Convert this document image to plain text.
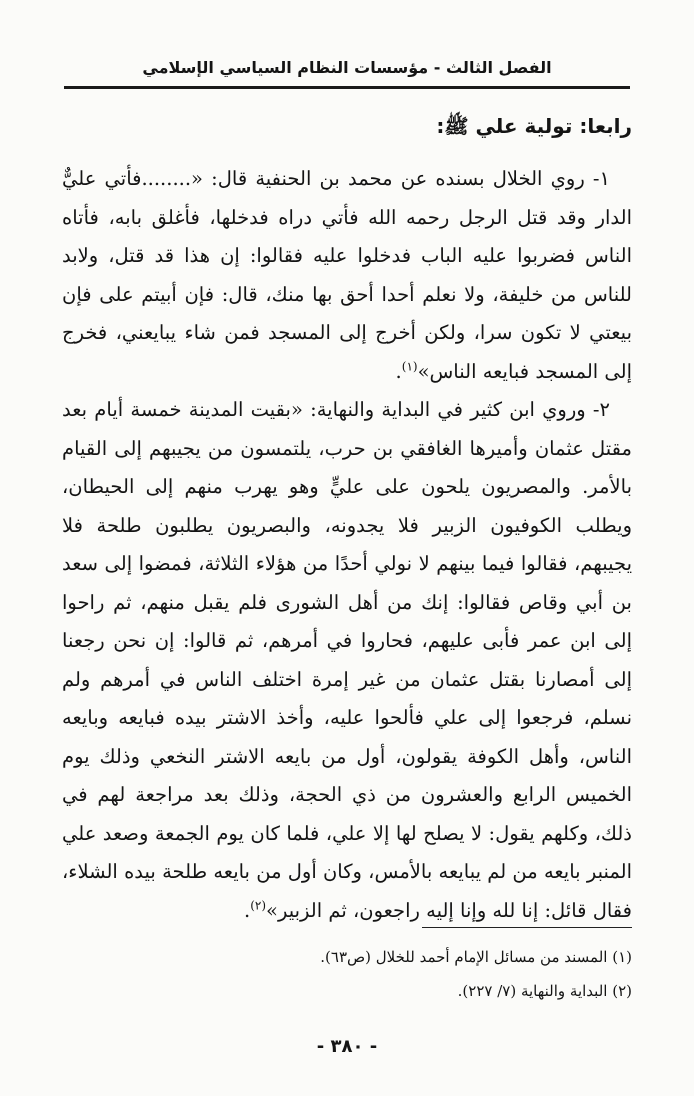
الفصل الثالث - مؤسسات النظام السياسي الإسلامي
رابعا: تولية علي ﷺ:

١- روي الخلال بسنده عن محمد بن الحنفية قال: «........فأتي عليٌّ الدار وقد قتل الرجل رحمه الله فأتي دراه فدخلها، فأغلق بابه، فأتاه الناس فضربوا عليه الباب فدخلوا عليه فقالوا: إن هذا قد قتل، ولابد للناس من خليفة، ولا نعلم أحدا أحق بها منك، قال: فإن أبيتم على فإن بيعتي لا تكون سرا، ولكن أخرج إلى المسجد فمن شاء يبايعني، فخرج إلى المسجد فبايعه الناس»$^{(١)}$.

٢- وروي ابن كثير في البداية والنهاية: «بقيت المدينة خمسة أيام بعد مقتل عثمان وأميرها الغافقي بن حرب، يلتمسون من يجيبهم إلى القيام بالأمر. والمصريون يلحون على عليٍّ وهو يهرب منهم إلى الحيطان، ويطلب الكوفيون الزبير فلا يجدونه، والبصريون يطلبون طلحة فلا يجيبهم، فقالوا فيما بينهم لا نولي أحدًا من هؤلاء الثلاثة، فمضوا إلى سعد بن أبي وقاص فقالوا: إنك من أهل الشورى فلم يقبل منهم، ثم راحوا إلى ابن عمر فأبى عليهم، فحاروا في أمرهم، ثم قالوا: إن نحن رجعنا إلى أمصارنا بقتل عثمان من غير إمرة اختلف الناس في أمرهم ولم نسلم، فرجعوا إلى علي فألحوا عليه، وأخذ الاشتر بيده فبايعه وبايعه الناس، وأهل الكوفة يقولون، أول من بايعه الاشتر النخعي وذلك يوم الخميس الرابع والعشرون من ذي الحجة، وذلك بعد مراجعة لهم في ذلك، وكلهم يقول: لا يصلح لها إلا علي، فلما كان يوم الجمعة وصعد علي المنبر بايعه من لم يبايعه بالأمس، وكان أول من بايعه طلحة بيده الشلاء، فقال قائل: إنا لله وإنا إليه راجعون، ثم الزبير»$^{(٢)}$.

(١) المسند من مسائل الإمام أحمد للخلال (ص٦٣).
(٢) البداية والنهاية (٧/ ٢٢٧).
- ٣٨٠ -
